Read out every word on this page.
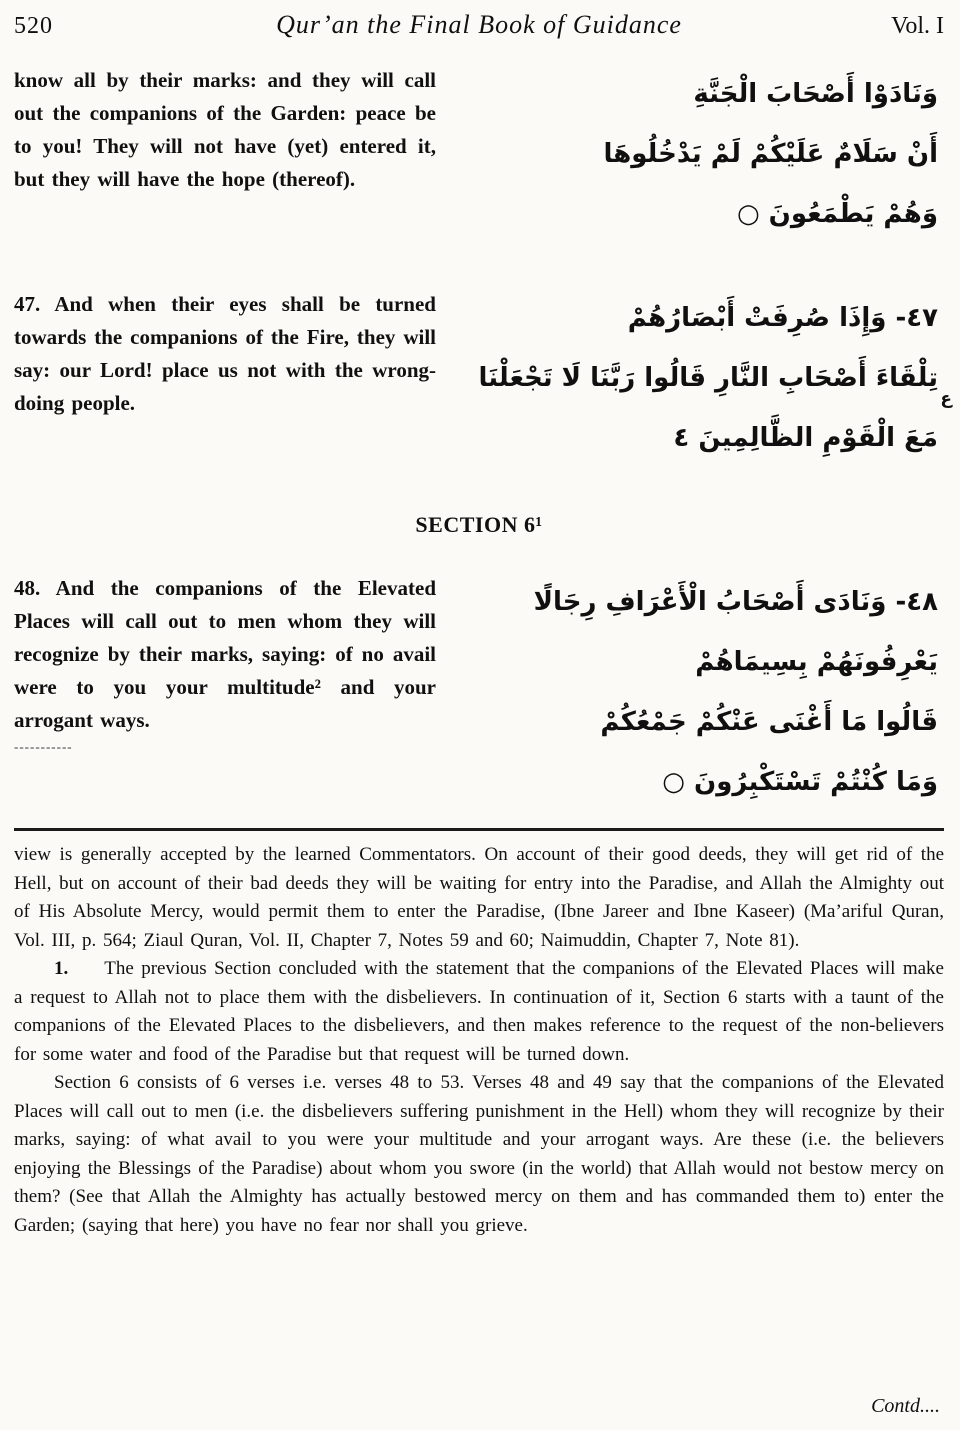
520	Qur’an the Final Book of Guidance	Vol. I
know all by their marks: and they will call out the companions of the Garden: peace be to you! They will not have (yet) entered it, but they will have the hope (thereof).
وَنَادَوْا أَصْحَابَ الْجَنَّةِ
أَنْ سَلَامٌ عَلَيْكُمْ لَمْ يَدْخُلُوهَا
وَهُمْ يَطْمَعُونَ ○
47. And when their eyes shall be turned towards the companions of the Fire, they will say: our Lord! place us not with the wrong-doing people.
٤٧- وَإِذَا صُرِفَتْ أَبْصَارُهُمْ
تِلْقَاءَ أَصْحَابِ النَّارِ قَالُوا رَبَّنَا لَا تَجْعَلْنَا
مَعَ الْقَوْمِ الظَّالِمِينَ ٤
ع
SECTION 6¹
48. And the companions of the Elevated Places will call out to men whom they will recognize by their marks, saying: of no avail were to you your multitude² and your arrogant ways.
-----------
٤٨- وَنَادَى أَصْحَابُ الْأَعْرَافِ رِجَالًا
يَعْرِفُونَهُمْ بِسِيمَاهُمْ
قَالُوا مَا أَغْنَى عَنْكُمْ جَمْعُكُمْ
وَمَا كُنْتُمْ تَسْتَكْبِرُونَ ○

view is generally accepted by the learned Commentators. On account of their good deeds, they will get rid of the Hell, but on account of their bad deeds they will be waiting for entry into the Paradise, and Allah the Almighty out of His Absolute Mercy, would permit them to enter the Paradise, (Ibne Jareer and Ibne Kaseer) (Ma’ariful Quran, Vol. III, p. 564; Ziaul Quran, Vol. II, Chapter 7, Notes 59 and 60; Naimuddin, Chapter 7, Note 81).

1. The previous Section concluded with the statement that the companions of the Elevated Places will make a request to Allah not to place them with the disbelievers. In continuation of it, Section 6 starts with a taunt of the companions of the Elevated Places to the disbelievers, and then makes reference to the request of the non-believers for some water and food of the Paradise but that request will be turned down.

Section 6 consists of 6 verses i.e. verses 48 to 53. Verses 48 and 49 say that the companions of the Elevated Places will call out to men (i.e. the disbelievers suffering punishment in the Hell) whom they will recognize by their marks, saying: of what avail to you were your multitude and your arrogant ways. Are these (i.e. the believers enjoying the Blessings of the Paradise) about whom you swore (in the world) that Allah would not bestow mercy on them? (See that Allah the Almighty has actually bestowed mercy on them and has commanded them to) enter the Garden; (saying that here) you have no fear nor shall you grieve.

Contd....
